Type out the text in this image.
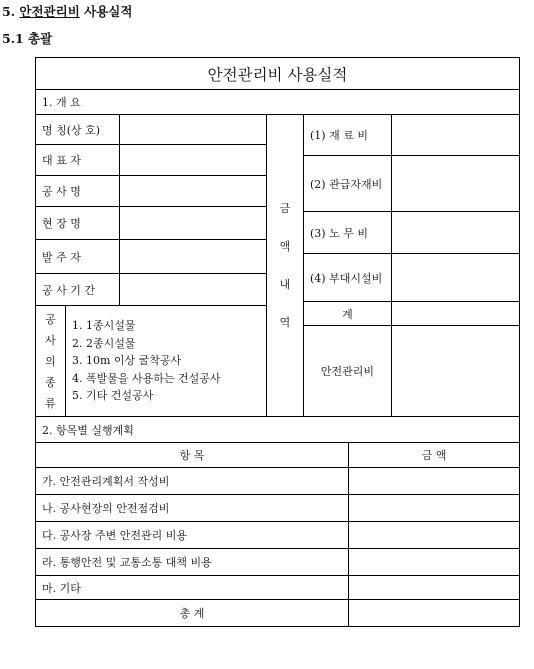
5. 안전관리비 사용실적
5.1 총괄
안전관리비 사용실적
1. 개 요
명 칭(상 호)
대 표 자
공 사 명
현 장 명
발 주 자
공 사 기 간
공
사
의
종
류
1. 1종시설물
2. 2종시설물
3. 10m 이상 굴착공사
4. 폭발물을 사용하는 건설공사
5. 기타 건설공사
금
액
내
역
(1) 재 료 비
(2) 관급자재비
(3) 노 무 비
(4) 부대시설비
계
안전관리비
2. 항목별 실행계획
항 목	금 액
가. 안전관리계획서 작성비
나. 공사현장의 안전점검비
다. 공사장 주변 안전관리 비용
라. 통행안전 및 교통소통 대책 비용
마. 기타
총 계
